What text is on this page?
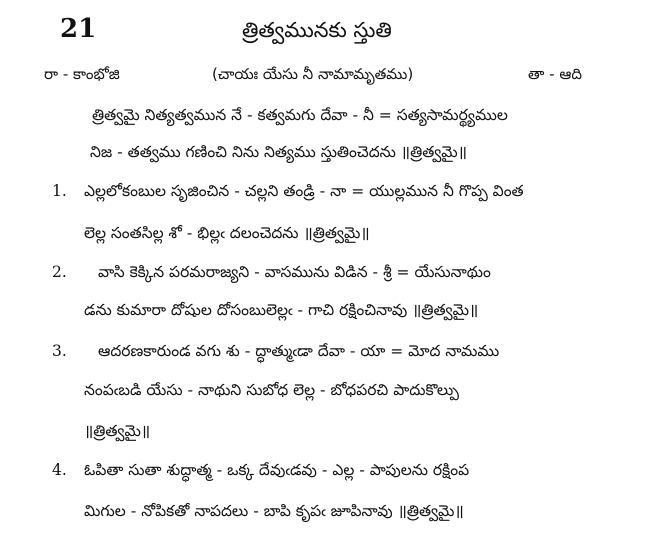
21	త్రిత్వమునకు స్తుతి
రా - కాంభోజి	(చాయః యేసు నీ నామామృతము)	తా - ఆది
త్రిత్వమై నిత్యత్వమున నే - కత్వమగు దేవా - నీ = సత్యసామర్థ్యముల
నిజ - తత్వము గణించి నిను నిత్యము స్తుతించెదను ॥త్రిత్వమై॥
1. ఎల్లలోకంబుల సృజించిన - చల్లని తండ్రి - నా = యుల్లమున నీ గొప్ప వింత
లెల్ల సంతసిల్ల శో - భిల్లఁ దలంచెదను ॥త్రిత్వమై॥
2. వాసి కెక్కిన పరమరాజ్యని - వాసమును విడిన - శ్రీ = యేసునాథుం
డను కుమారా దోషుల దోసంబులెల్లఁ - గాచి రక్షించినావు ॥త్రిత్వమై॥
3. ఆదరణకారుండ వగు శు - ద్ధాత్ముఁడా దేవా - యా = మోద నామము
నంపఁబడి యేసు - నాథుని సుబోధ లెల్ల - బోధపరచి పాదుకొల్పు
॥త్రిత్వమై॥
4. ఓపితా సుతా శుద్ధాత్మ - ఒక్క దేవుఁడవు - ఎల్ల - పాపులను రక్షింప
మిగుల - నోపికతో నాపదలు - బాపి కృపఁ జూపినావు ॥త్రిత్వమై॥
